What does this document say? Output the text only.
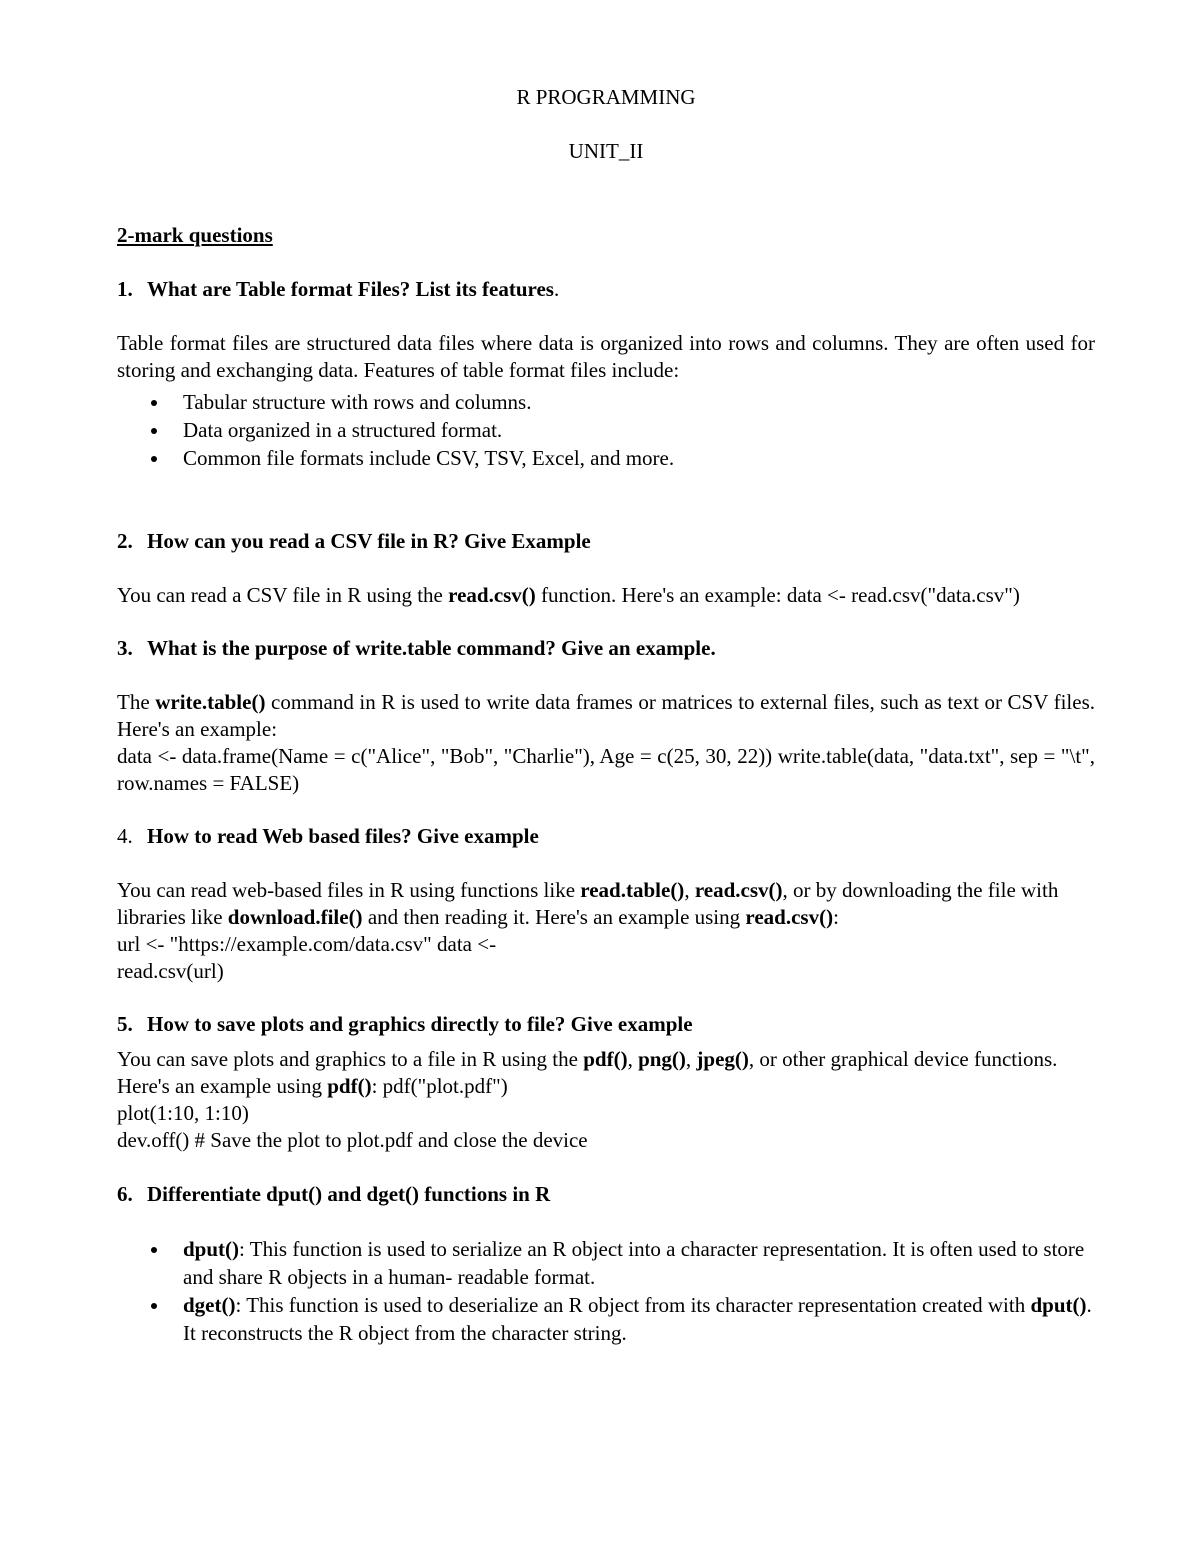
R PROGRAMMING
UNIT_II
2-mark questions
1. What are Table format Files? List its features.

Table format files are structured data files where data is organized into rows and columns. They are often used for storing and exchanging data. Features of table format files include:

Tabular structure with rows and columns.
Data organized in a structured format.
Common file formats include CSV, TSV, Excel, and more.
2. How can you read a CSV file in R? Give Example

You can read a CSV file in R using the read.csv() function. Here's an example: data <- read.csv("data.csv")

3. What is the purpose of write.table command? Give an example.

The write.table() command in R is used to write data frames or matrices to external files, such as text or CSV files. Here's an example:

data <- data.frame(Name = c("Alice", "Bob", "Charlie"), Age = c(25, 30, 22)) write.table(data, "data.txt", sep = "\t", row.names = FALSE)

4. How to read Web based files? Give example

You can read web-based files in R using functions like read.table(), read.csv(), or by downloading the file with libraries like download.file() and then reading it. Here's an example using read.csv():

url <- "https://example.com/data.csv" data <-

read.csv(url)

5. How to save plots and graphics directly to file? Give example

You can save plots and graphics to a file in R using the pdf(), png(), jpeg(), or other graphical device functions. Here's an example using pdf(): pdf("plot.pdf")

plot(1:10, 1:10)

dev.off() # Save the plot to plot.pdf and close the device

6. Differentiate dput() and dget() functions in R
dput(): This function is used to serialize an R object into a character representation. It is often used to store and share R objects in a human- readable format.
dget(): This function is used to deserialize an R object from its character representation created with dput(). It reconstructs the R object from the character string.
